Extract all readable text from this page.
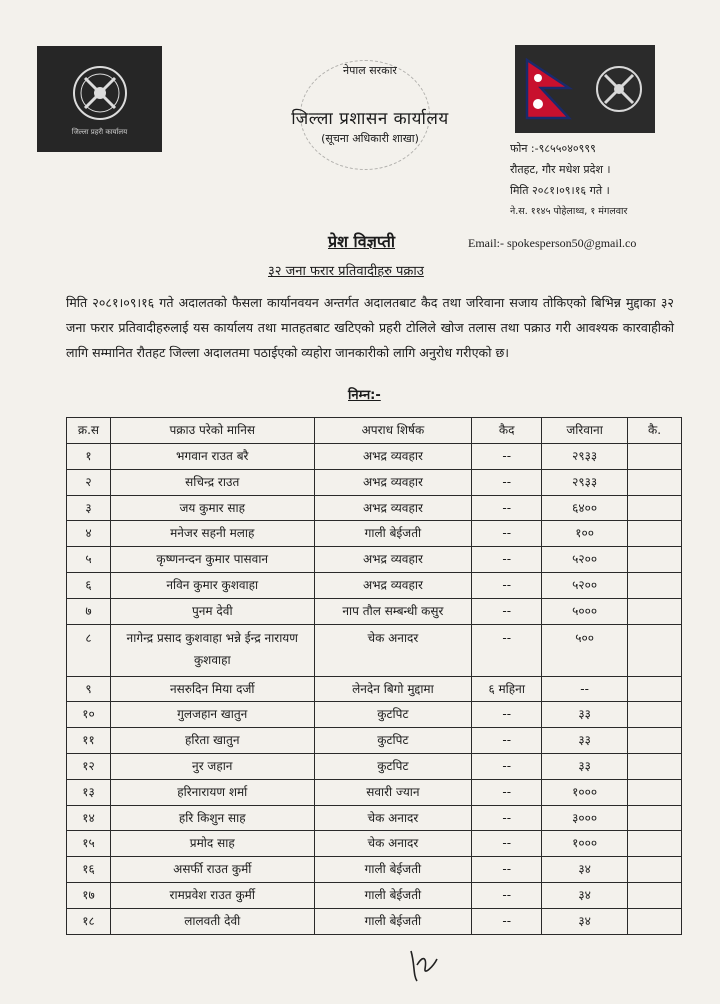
जिल्ला प्रहरी कार्यालय
नेपाल सरकार
जिल्ला प्रशासन कार्यालय
(सूचना अधिकारी शाखा)
फोन :-९८५५०४०९९९
रौतहट, गौर मधेश प्रदेश ।
मिति २०८१।०९।१६ गते ।
ने.स. ११४५ पोहेलाथ्व, १ मंगलवार
प्रेश विज्ञप्ती	Email:- spokesperson50@gmail.co
३२ जना फरार प्रतिवादीहरु पक्राउ
मिति २०८१।०९।१६ गते अदालतको फैसला कार्यानवयन अन्तर्गत अदालतबाट कैद तथा जरिवाना सजाय तोकिएको बिभिन्न मुद्दाका ३२ जना फरार प्रतिवादीहरुलाई यस कार्यालय तथा मातहतबाट खटिएको प्रहरी टोलिले खोज तलास तथा पक्राउ गरी आवश्यक कारवाहीको लागि सम्मानित रौतहट जिल्ला अदालतमा पठाईएको व्यहोरा जानकारीको लागि अनुरोध गरीएको छ।
निम्न:-
क्र.स	पक्राउ परेको मानिस	अपराध शिर्षक	कैद	जरिवाना	कै.
१	भगवान राउत बरै	अभद्र व्यवहार	--	२९३३	
२	सचिन्द्र राउत	अभद्र व्यवहार	--	२९३३	
३	जय कुमार साह	अभद्र व्यवहार	--	६४००	
४	मनेजर सहनी मलाह	गाली बेईजती	--	१००	
५	कृष्णनन्दन कुमार पासवान	अभद्र व्यवहार	--	५२००	
६	नविन कुमार कुशवाहा	अभद्र व्यवहार	--	५२००	
७	पुनम देवी	नाप तौल सम्बन्धी कसुर	--	५०००	
८	नागेन्द्र प्रसाद कुशवाहा भन्ने ईन्द्र नारायण कुशवाहा	चेक अनादर	--	५००	
९	नसरुदिन मिया दर्जी	लेनदेन बिगो मुद्दामा	६ महिना	--	
१०	गुलजहान खातुन	कुटपिट	--	३३	
११	हरिता खातुन	कुटपिट	--	३३	
१२	नुर जहान	कुटपिट	--	३३	
१३	हरिनारायण शर्मा	सवारी ज्यान	--	१०००	
१४	हरि किशुन साह	चेक अनादर	--	३०००	
१५	प्रमोद साह	चेक अनादर	--	१०००	
१६	असर्फी राउत कुर्मी	गाली बेईजती	--	३४	
१७	रामप्रवेश राउत कुर्मी	गाली बेईजती	--	३४	
१८	लालवती देवी	गाली बेईजती	--	३४	
